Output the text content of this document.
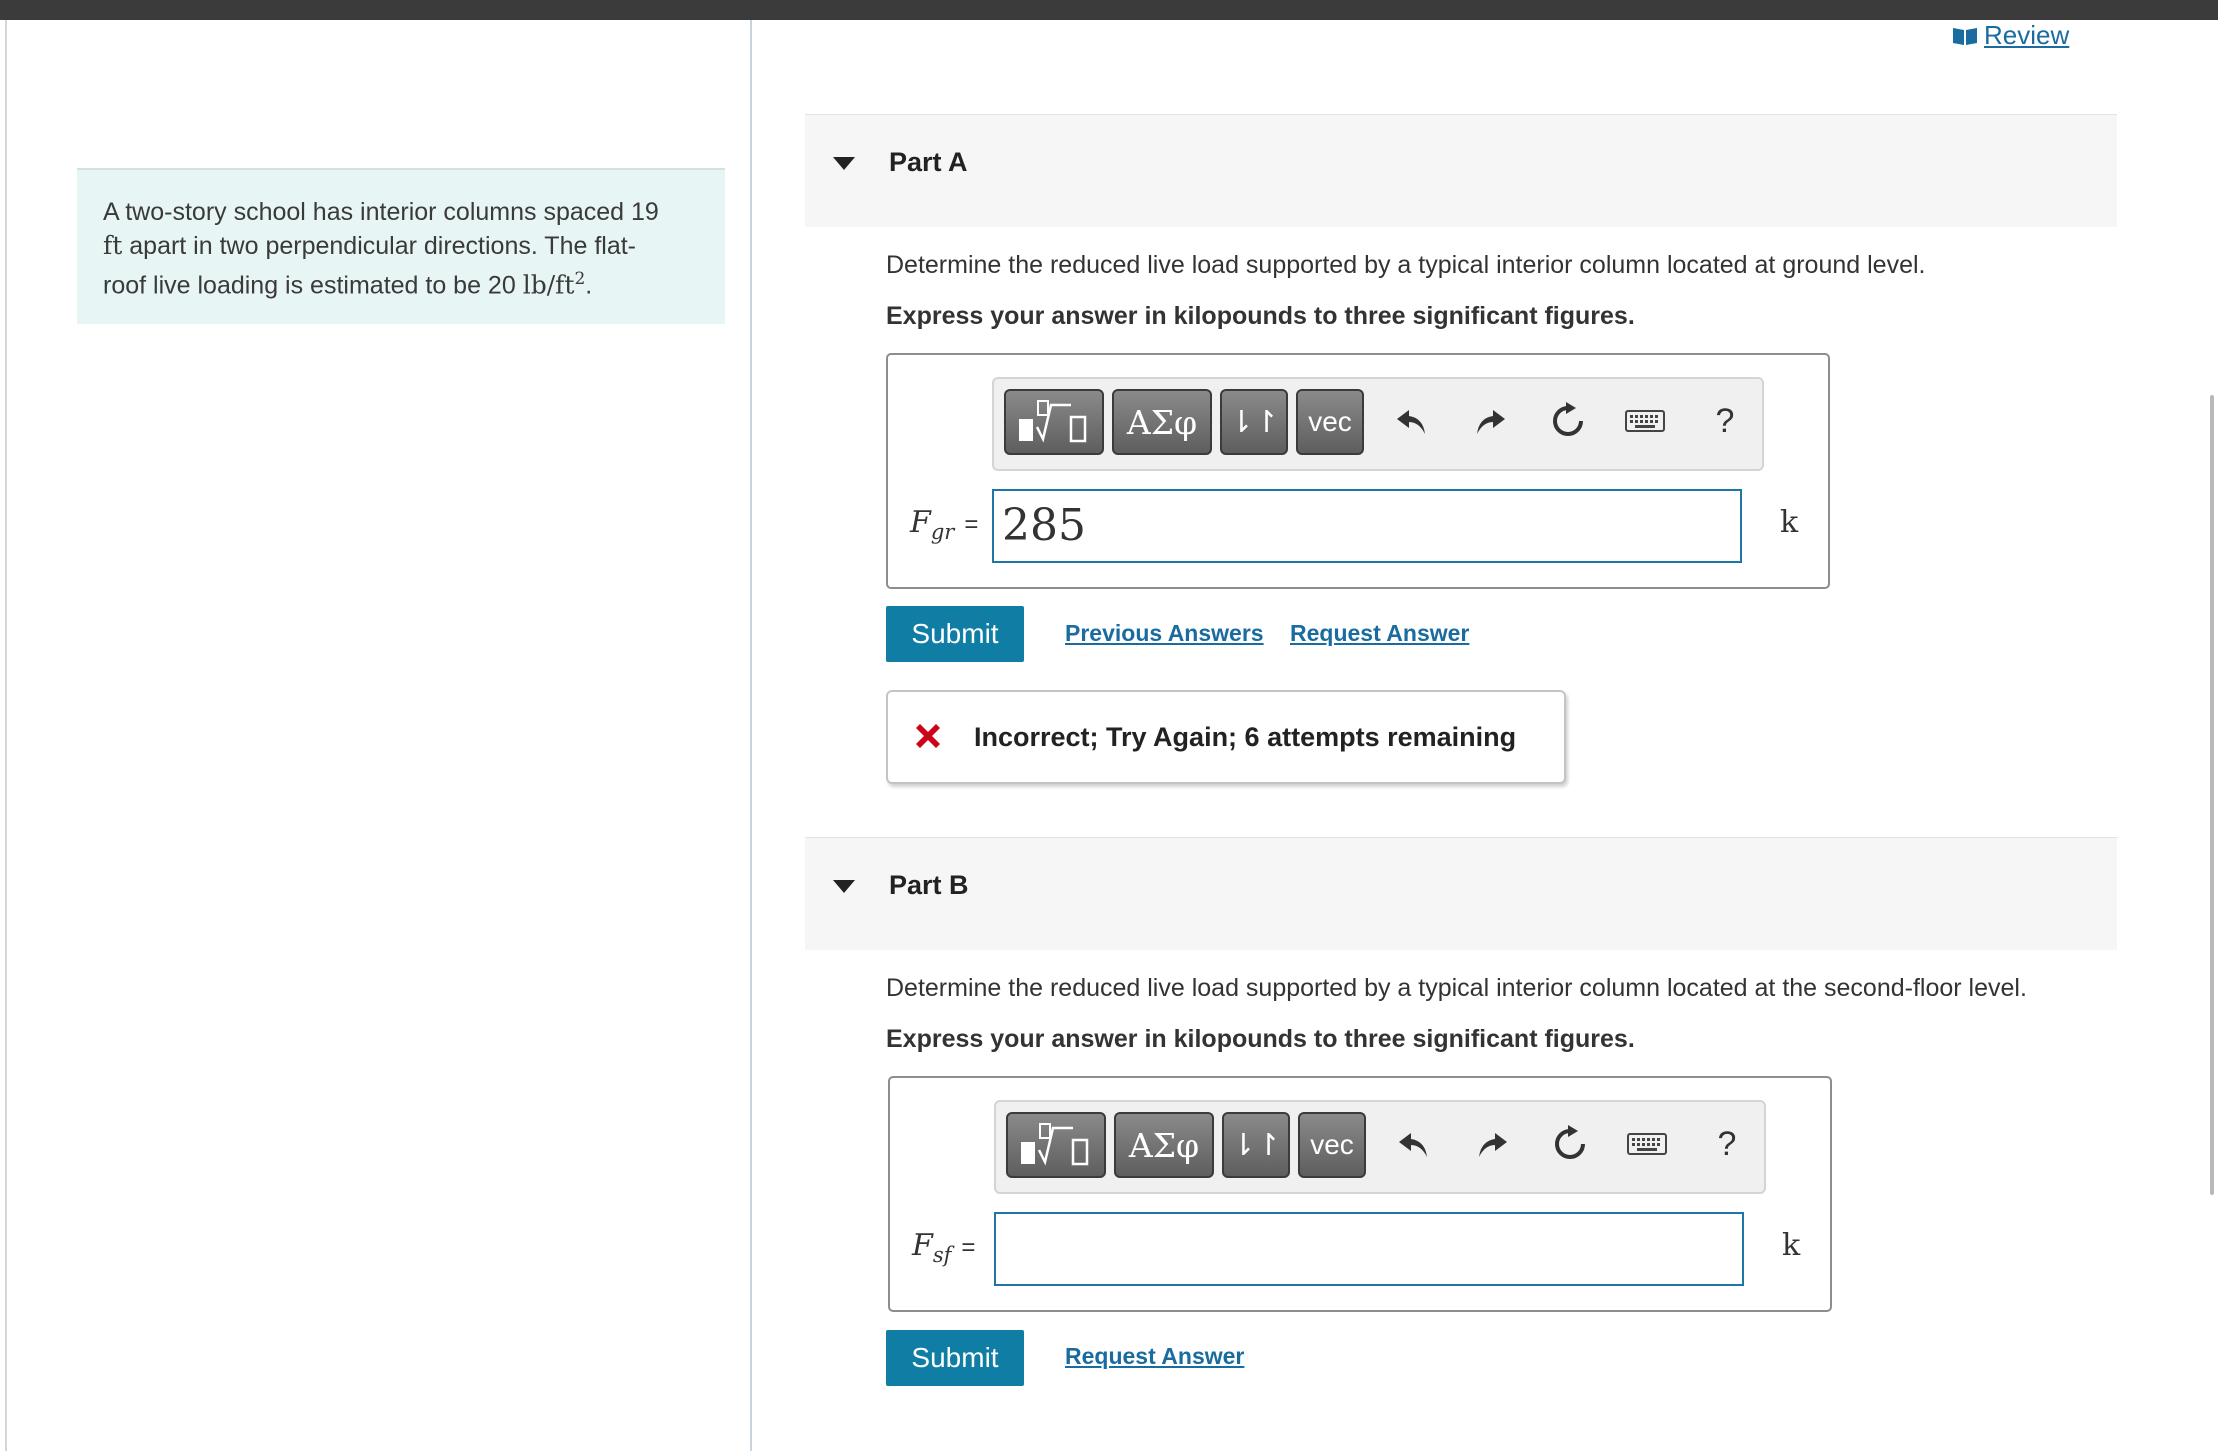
Review
A two-story school has interior columns spaced 19
ft apart in two perpendicular directions. The flat-
roof live loading is estimated to be 20 $lb/ft^2$.
Part A
Determine the reduced live load supported by a typical interior column located at ground level.
Express your answer in kilopounds to three significant figures.
ΑΣφ	⇂↾	vec	?
$F_{gr} = 285$	k
Submit	Previous Answers Request Answer
Incorrect; Try Again; 6 attempts remaining
Part B
Determine the reduced live load supported by a typical interior column located at the second-floor level.
Express your answer in kilopounds to three significant figures.
ΑΣφ	⇂↾	vec	?
$F_{sf}$ =	k
Submit	Request Answer
